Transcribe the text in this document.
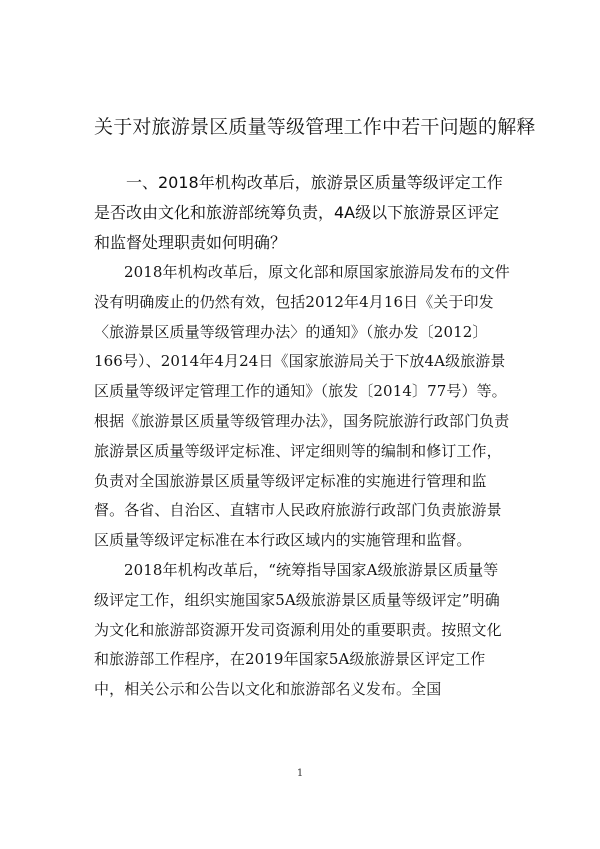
关于对旅游景区质量等级管理工作中若干问题的解释

一、2018年机构改革后，旅游景区质量等级评定工作是否改由文化和旅游部统筹负责，4A级以下旅游景区评定和监督处理职责如何明确？

2018年机构改革后，原文化部和原国家旅游局发布的文件没有明确废止的仍然有效，包括2012年4月16日《关于印发〈旅游景区质量等级管理办法〉的通知》（旅办发〔2012〕166号）、2014年4月24日《国家旅游局关于下放4A级旅游景区质量等级评定管理工作的通知》（旅发〔2014〕77号）等。根据《旅游景区质量等级管理办法》，国务院旅游行政部门负责旅游景区质量等级评定标准、评定细则等的编制和修订工作，负责对全国旅游景区质量等级评定标准的实施进行管理和监督。各省、自治区、直辖市人民政府旅游行政部门负责旅游景区质量等级评定标准在本行政区域内的实施管理和监督。

2018年机构改革后，“统筹指导国家A级旅游景区质量等级评定工作，组织实施国家5A级旅游景区质量等级评定”明确为文化和旅游部资源开发司资源利用处的重要职责。按照文化和旅游部工作程序，在2019年国家5A级旅游景区评定工作中，相关公示和公告以文化和旅游部名义发布。全国

1
